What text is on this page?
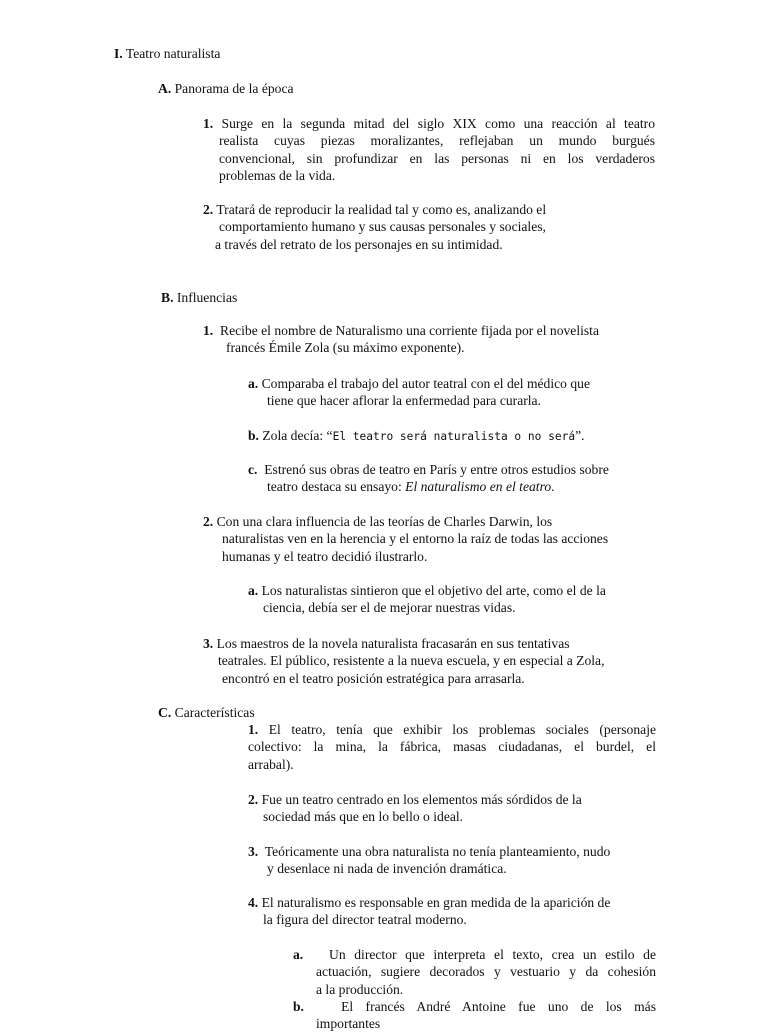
I. Teatro naturalista
A. Panorama de la época
1. Surge en la segunda mitad del siglo XIX como una reacción al teatro
realista cuyas piezas moralizantes, reflejaban un mundo burgués
convencional, sin profundizar en las personas ni en los verdaderos
problemas de la vida.
2. Tratará de reproducir la realidad tal y como es, analizando el
comportamiento humano y sus causas personales y sociales,
a través del retrato de los personajes en su intimidad.
B. Influencias
1. Recibe el nombre de Naturalismo una corriente fijada por el novelista
francés Émile Zola (su máximo exponente).
a. Comparaba el trabajo del autor teatral con el del médico que
tiene que hacer aflorar la enfermedad para curarla.
b. Zola decía: “El teatro será naturalista o no será”.
c. Estrenó sus obras de teatro en París y entre otros estudios sobre
teatro destaca su ensayo: El naturalismo en el teatro.
2. Con una clara influencia de las teorías de Charles Darwin, los
naturalistas ven en la herencia y el entorno la raíz de todas las acciones
humanas y el teatro decidió ilustrarlo.
a. Los naturalistas sintieron que el objetivo del arte, como el de la
ciencia, debía ser el de mejorar nuestras vidas.
3. Los maestros de la novela naturalista fracasarán en sus tentativas
teatrales. El público, resistente a la nueva escuela, y en especial a Zola,
encontró en el teatro posición estratégica para arrasarla.
C. Características
1. El teatro, tenía que exhibir los problemas sociales (personaje
colectivo: la mina, la fábrica, masas ciudadanas, el burdel, el
arrabal).
2. Fue un teatro centrado en los elementos más sórdidos de la
sociedad más que en lo bello o ideal.
3. Teóricamente una obra naturalista no tenía planteamiento, nudo
y desenlace ni nada de invención dramática.
4. El naturalismo es responsable en gran medida de la aparición de
la figura del director teatral moderno.
a. Un director que interpreta el texto, crea un estilo de
actuación, sugiere decorados y vestuario y da cohesión
a la producción.
b.	El francés André Antoine fue uno de los más
importantes
